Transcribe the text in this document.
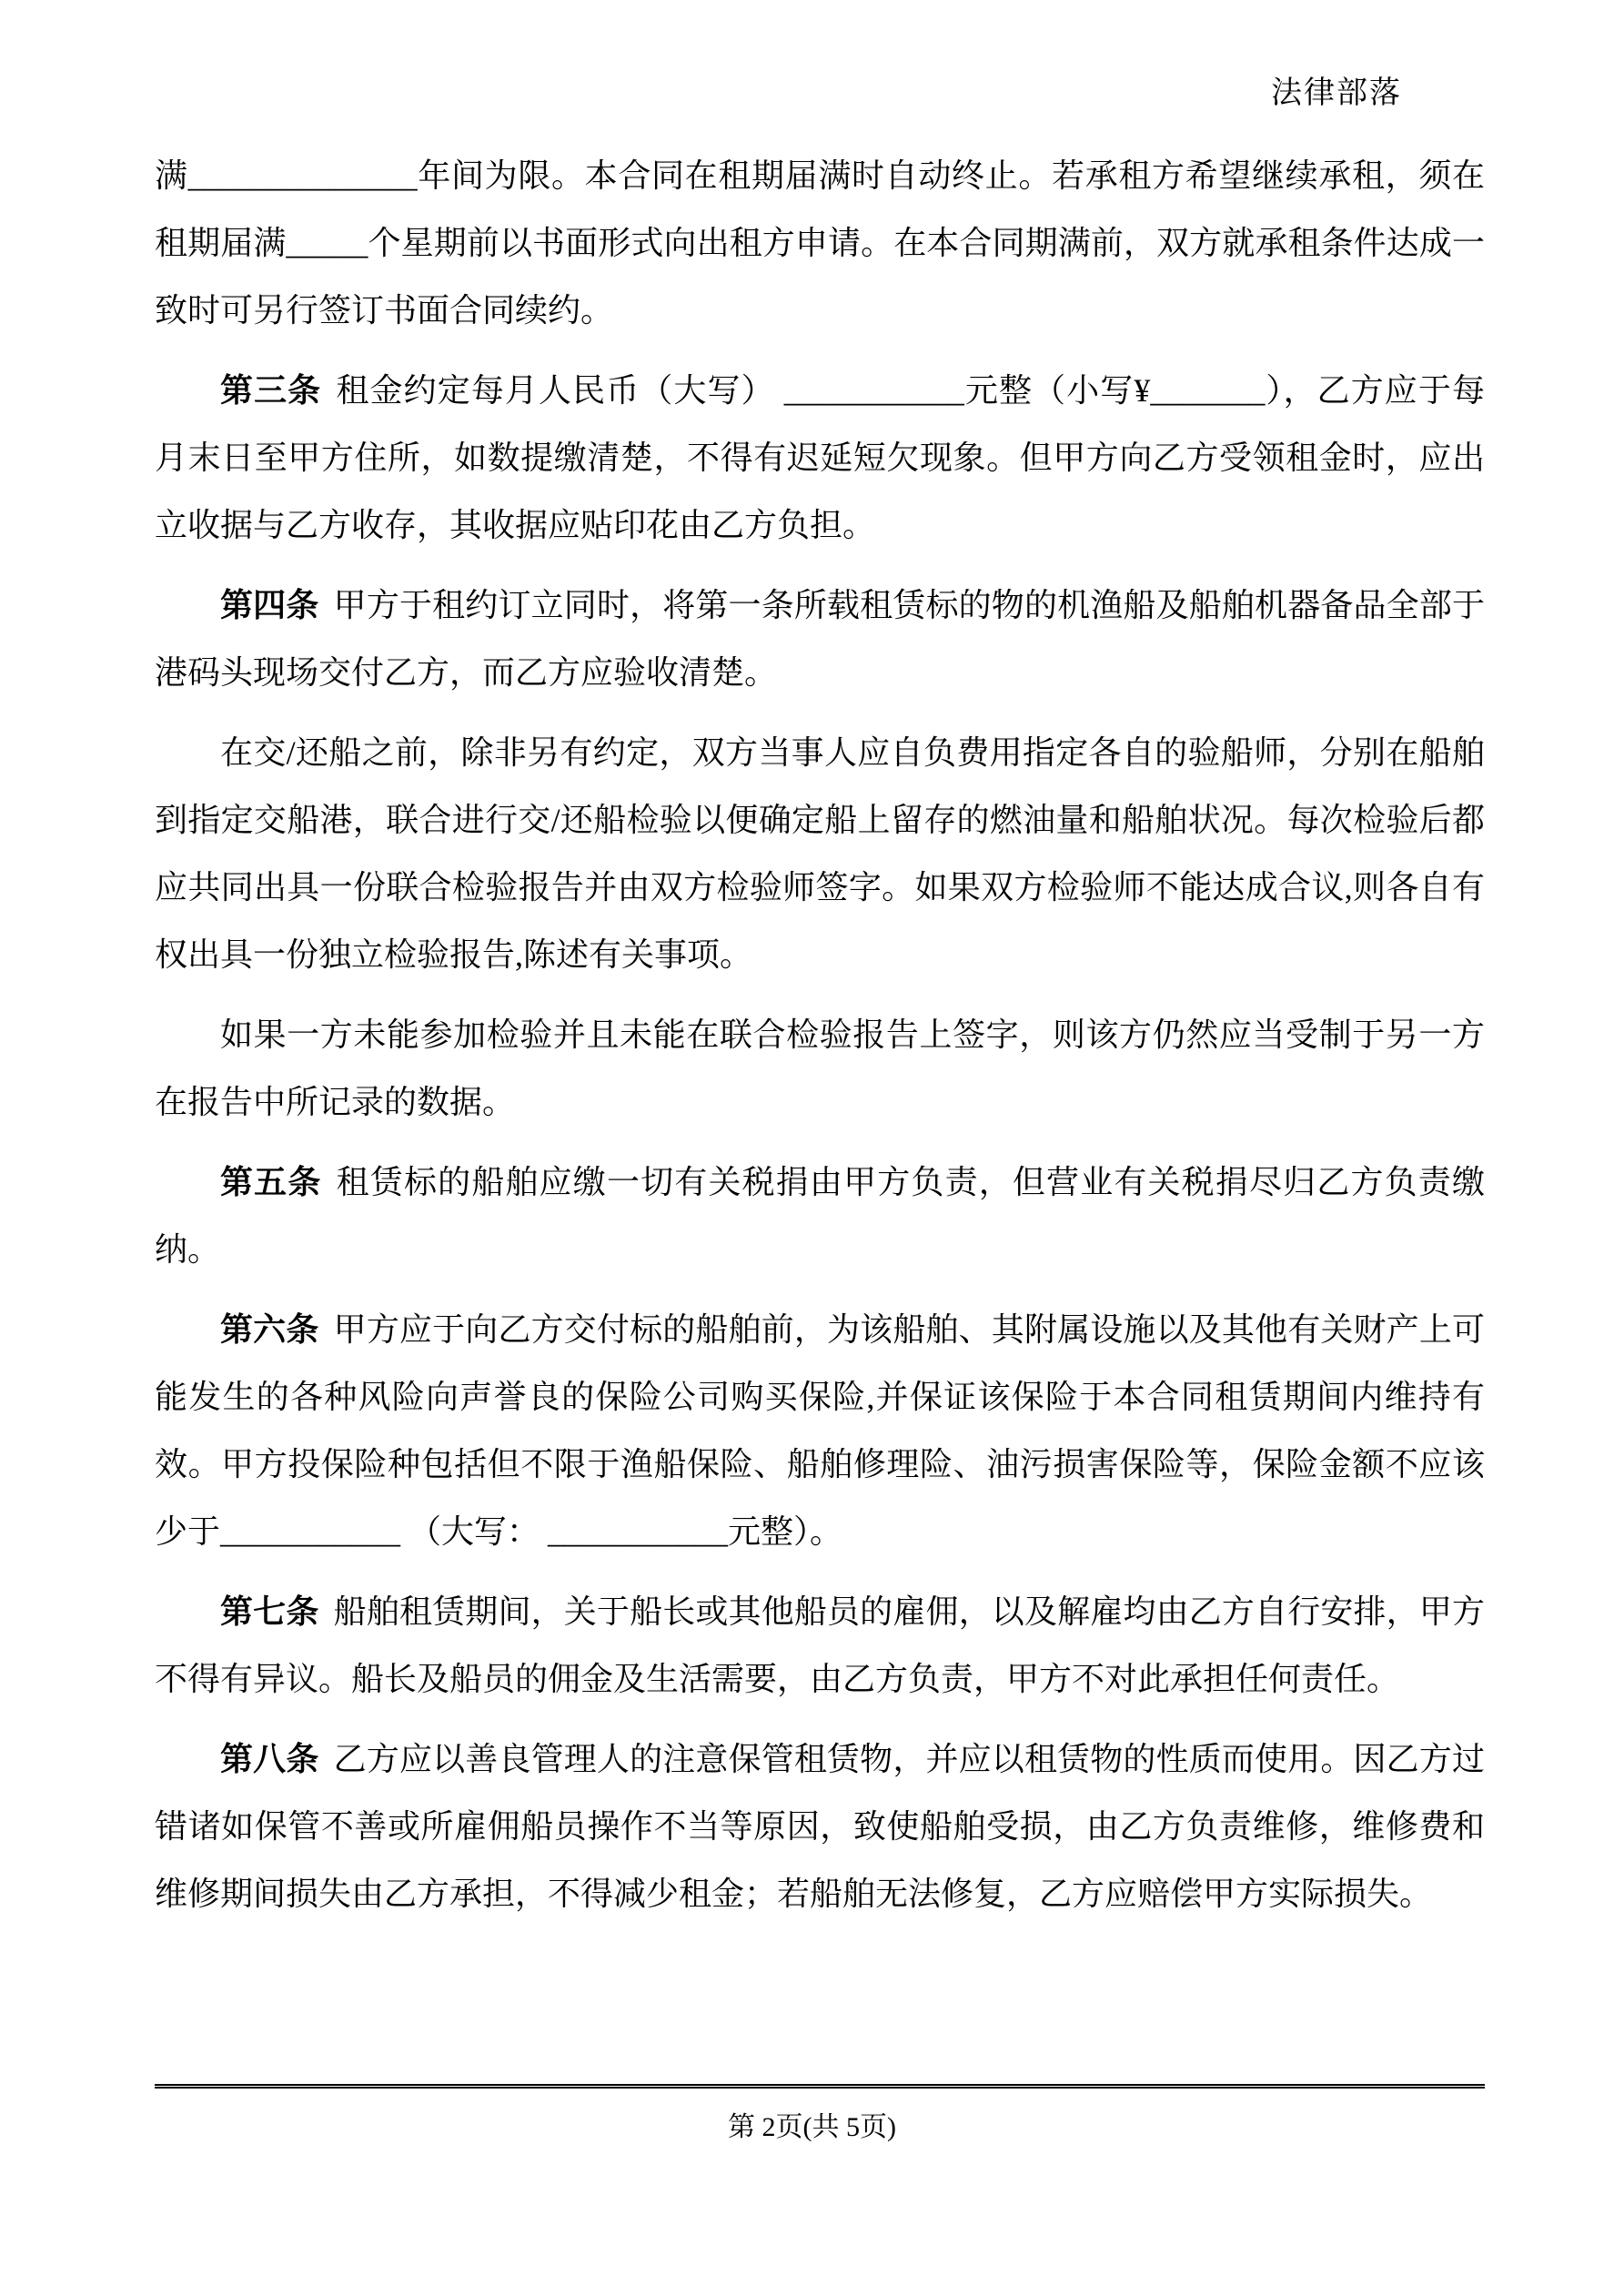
法律部落

满______________年间为限。本合同在租期届满时自动终止。若承租方希望继续承租，须在租期届满_____个星期前以书面形式向出租方申请。在本合同期满前，双方就承租条件达成一致时可另行签订书面合同续约。

第三条 租金约定每月人民币（大写） ___________元整（小写¥_______），乙方应于每月末日至甲方住所，如数提缴清楚，不得有迟延短欠现象。但甲方向乙方受领租金时，应出立收据与乙方收存，其收据应贴印花由乙方负担。

第四条 甲方于租约订立同时，将第一条所载租赁标的物的机渔船及船舶机器备品全部于港码头现场交付乙方，而乙方应验收清楚。

在交/还船之前，除非另有约定，双方当事人应自负费用指定各自的验船师，分别在船舶到指定交船港，联合进行交/还船检验以便确定船上留存的燃油量和船舶状况。每次检验后都应共同出具一份联合检验报告并由双方检验师签字。如果双方检验师不能达成合议,则各自有权出具一份独立检验报告,陈述有关事项。

如果一方未能参加检验并且未能在联合检验报告上签字，则该方仍然应当受制于另一方在报告中所记录的数据。

第五条 租赁标的船舶应缴一切有关税捐由甲方负责，但营业有关税捐尽归乙方负责缴纳。

第六条 甲方应于向乙方交付标的船舶前，为该船舶、其附属设施以及其他有关财产上可能发生的各种风险向声誉良的保险公司购买保险,并保证该保险于本合同租赁期间内维持有效。甲方投保险种包括但不限于渔船保险、船舶修理险、油污损害保险等，保险金额不应该少于___________ （大写： ___________元整）。

第七条 船舶租赁期间，关于船长或其他船员的雇佣，以及解雇均由乙方自行安排，甲方不得有异议。船长及船员的佣金及生活需要，由乙方负责，甲方不对此承担任何责任。

第八条 乙方应以善良管理人的注意保管租赁物，并应以租赁物的性质而使用。因乙方过错诸如保管不善或所雇佣船员操作不当等原因，致使船舶受损，由乙方负责维修，维修费和维修期间损失由乙方承担，不得减少租金；若船舶无法修复，乙方应赔偿甲方实际损失。

第 2页(共 5页)
